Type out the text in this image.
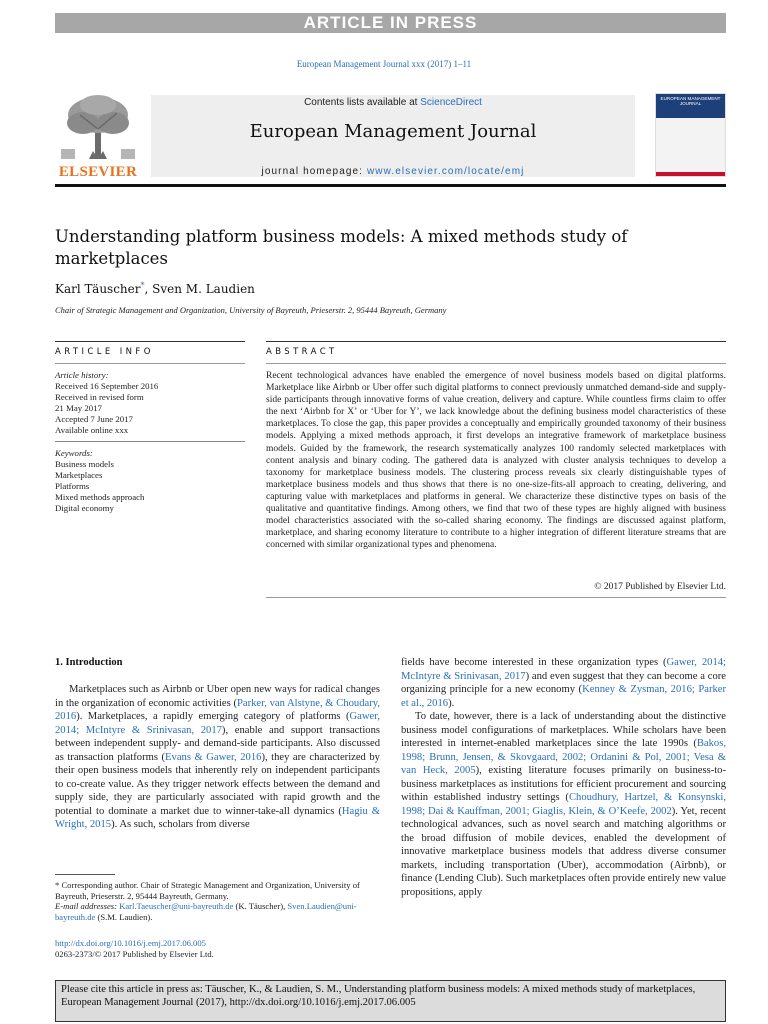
ARTICLE IN PRESS
European Management Journal xxx (2017) 1–11
ELSEVIER
Contents lists available at ScienceDirect
European Management Journal
journal homepage: www.elsevier.com/locate/emj
EUROPEAN MANAGEMENT JOURNAL
Understanding platform business models: A mixed methods study of marketplaces
Karl Täuscher*, Sven M. Laudien
Chair of Strategic Management and Organization, University of Bayreuth, Prieserstr. 2, 95444 Bayreuth, Germany
ARTICLE INFO	ABSTRACT
Article history:
Received 16 September 2016
Received in revised form
21 May 2017
Accepted 7 June 2017
Available online xxx
Keywords:
Business models
Marketplaces
Platforms
Mixed methods approach
Digital economy
Recent technological advances have enabled the emergence of novel business models based on digital platforms. Marketplace like Airbnb or Uber offer such digital platforms to connect previously unmatched demand-side and supply-side participants through innovative forms of value creation, delivery and capture. While countless firms claim to offer the next ‘Airbnb for X’ or ‘Uber for Y’, we lack knowledge about the defining business model characteristics of these marketplaces. To close the gap, this paper provides a conceptually and empirically grounded taxonomy of their business models. Applying a mixed methods approach, it first develops an integrative framework of marketplace business models. Guided by the framework, the research systematically analyzes 100 randomly selected marketplaces with content analysis and binary coding. The gathered data is analyzed with cluster analysis techniques to develop a taxonomy for marketplace business models. The clustering process reveals six clearly distinguishable types of marketplace business models and thus shows that there is no one-size-fits-all approach to creating, delivering, and capturing value with marketplaces and platforms in general. We characterize these distinctive types on basis of the qualitative and quantitative findings. Among others, we find that two of these types are highly aligned with business model characteristics associated with the so-called sharing economy. The findings are discussed against platform, marketplace, and sharing economy literature to contribute to a higher integration of different literature streams that are concerned with similar organizational types and phenomena.
© 2017 Published by Elsevier Ltd.
1. Introduction

Marketplaces such as Airbnb or Uber open new ways for radical changes in the organization of economic activities (Parker, van Alstyne, & Choudary, 2016). Marketplaces, a rapidly emerging category of platforms (Gawer, 2014; McIntyre & Srinivasan, 2017), enable and support transactions between independent supply- and demand-side participants. Also discussed as transaction platforms (Evans & Gawer, 2016), they are characterized by their open business models that inherently rely on independent participants to co-create value. As they trigger network effects between the demand and supply side, they are particularly associated with rapid growth and the potential to dominate a market due to winner-take-all dynamics (Hagiu & Wright, 2015). As such, scholars from diverse

fields have become interested in these organization types (Gawer, 2014; McIntyre & Srinivasan, 2017) and even suggest that they can become a core organizing principle for a new economy (Kenney & Zysman, 2016; Parker et al., 2016).

To date, however, there is a lack of understanding about the distinctive business model configurations of marketplaces. While scholars have been interested in internet-enabled marketplaces since the late 1990s (Bakos, 1998; Brunn, Jensen, & Skovgaard, 2002; Ordanini & Pol, 2001; Vesa & van Heck, 2005), existing literature focuses primarily on business-to-business marketplaces as institutions for efficient procurement and sourcing within established industry settings (Choudhury, Hartzel, & Konsynski, 1998; Dai & Kauffman, 2001; Giaglis, Klein, & O’Keefe, 2002). Yet, recent technological advances, such as novel search and matching algorithms or the broad diffusion of mobile devices, enabled the development of innovative marketplace business models that address diverse consumer markets, including transportation (Uber), accommodation (Airbnb), or finance (Lending Club). Such marketplaces often provide entirely new value propositions, apply

* Corresponding author. Chair of Strategic Management and Organization, University of Bayreuth, Prieserstr. 2, 95444 Bayreuth, Germany.
E-mail addresses: Karl.Taeuscher@uni-bayreuth.de (K. Täuscher), Sven.Laudien@uni-bayreuth.de (S.M. Laudien).
http://dx.doi.org/10.1016/j.emj.2017.06.005
0263-2373/© 2017 Published by Elsevier Ltd.
Please cite this article in press as: Täuscher, K., & Laudien, S. M., Understanding platform business models: A mixed methods study of marketplaces, European Management Journal (2017), http://dx.doi.org/10.1016/j.emj.2017.06.005
